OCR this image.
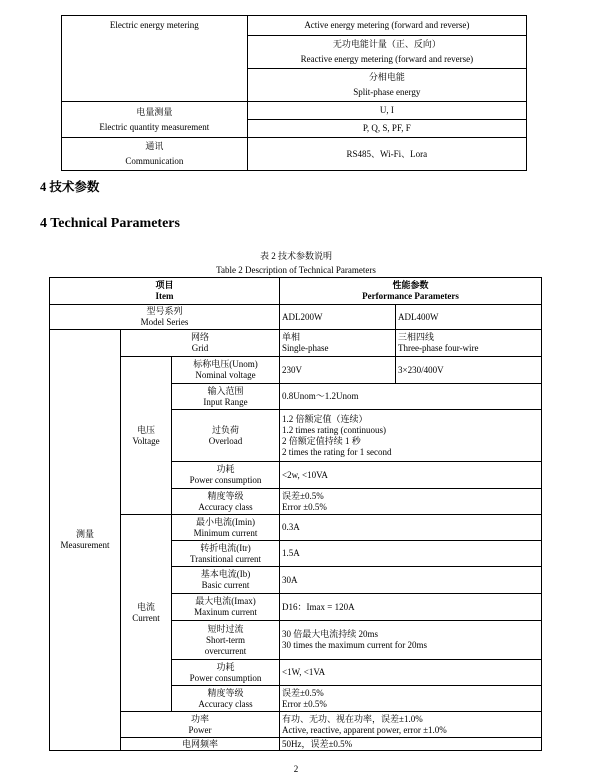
Electric energy metering	Active energy metering (forward and reverse)

	无功电能计量（正、反向）
Reactive energy metering (forward and reverse)

	分相电能
Split-phase energy

电量测量
Electric quantity measurement	U, I
	P, Q, S, PF, F

通讯
Communication	RS485、Wi-Fi、Lora
4 技术参数
4 Technical Parameters
表 2 技术参数说明
Table 2 Description of Technical Parameters
项目
Item			性能参数
Performance Parameters	

型号系列
Model Series			ADL200W	ADL400W

测量
Measurement	网络
Grid		单相
Single-phase	三相四线
Three-phase four-wire

	电压
Voltage	标称电压(Unom)
Nominal voltage	230V	3×230/400V

		输入范围
Input Range	0.8Unom～1.2Unom	

		过负荷
Overload	1.2 倍额定值（连续）
1.2 times rating (continuous)
2 倍额定值持续 1 秒
2 times the rating for 1 second	

		功耗
Power consumption	<2w, <10VA	

		精度等级
Accuracy class	误差±0.5%
Error ±0.5%	

	电流
Current	最小电流(Imin)
Minimum current	0.3A	

		转折电流(Itr)
Transitional current	1.5A	

		基本电流(Ib)
Basic current	30A	

		最大电流(Imax)
Maxinum current	D16：Imax = 120A	

		短时过流
Short-term
overcurrent	30 倍最大电流持续 20ms
30 times the maximum current for 20ms	

		功耗
Power consumption	<1W, <1VA	

		精度等级
Accuracy class	误差±0.5%
Error ±0.5%	

	功率
Power		有功、无功、视在功率，误差±1.0%
Active, reactive, apparent power, error ±1.0%	

	电网频率		50Hz，误差±0.5%	
2
